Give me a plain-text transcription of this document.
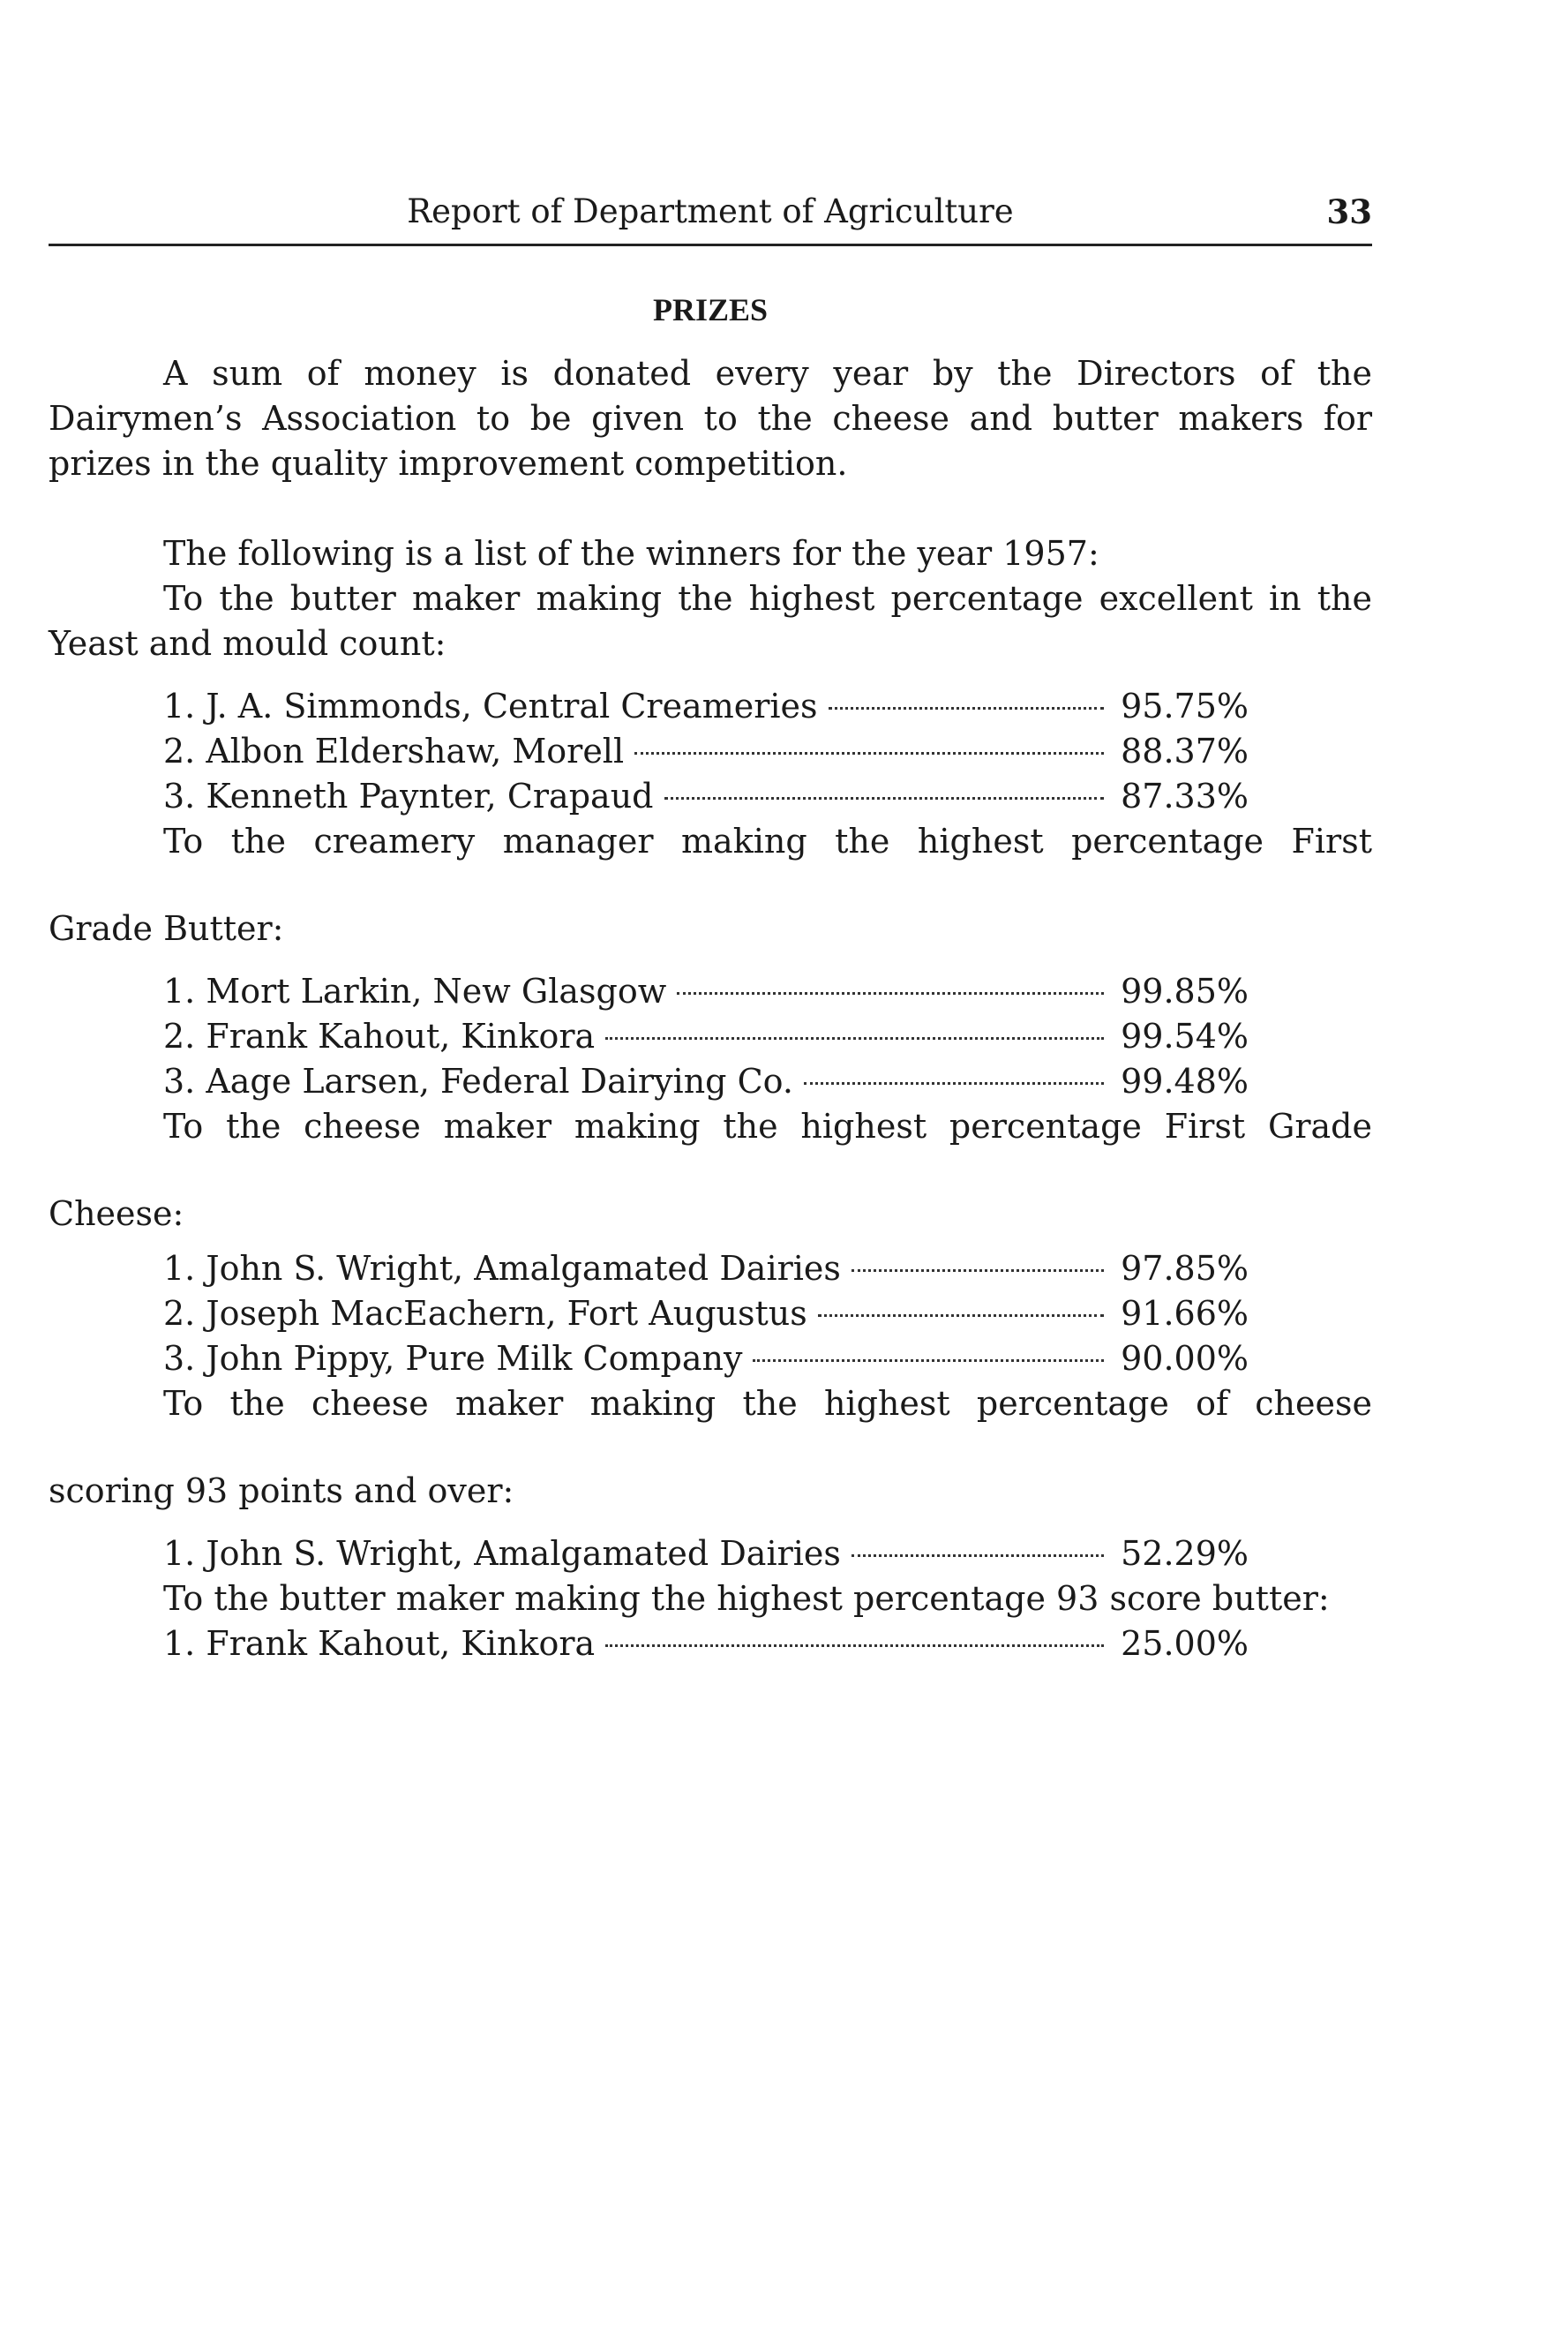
Report of Department of Agriculture	33
PRIZES

A sum of money is donated every year by the Directors of the Dairymen’s Association to be given to the cheese and butter makers for prizes in the quality improvement competition.

The following is a list of the winners for the year 1957:

To the butter maker making the highest percentage excellent in the Yeast and mould count:

1. J. A. Simmonds, Central Creameries	95.75%
2. Albon Eldershaw, Morell	88.37%
3. Kenneth Paynter, Crapaud	87.33%

To the creamery manager making the highest percentage First

Grade Butter:
1. Mort Larkin, New Glasgow	99.85%
2. Frank Kahout, Kinkora	99.54%
3. Aage Larsen, Federal Dairying Co.	99.48%

To the cheese maker making the highest percentage First Grade

Cheese:
1. John S. Wright, Amalgamated Dairies	97.85%
2. Joseph MacEachern, Fort Augustus	91.66%
3. John Pippy, Pure Milk Company	90.00%

To the cheese maker making the highest percentage of cheese

scoring 93 points and over:
1. John S. Wright, Amalgamated Dairies	52.29%

To the butter maker making the highest percentage 93 score butter:

1. Frank Kahout, Kinkora	25.00%
